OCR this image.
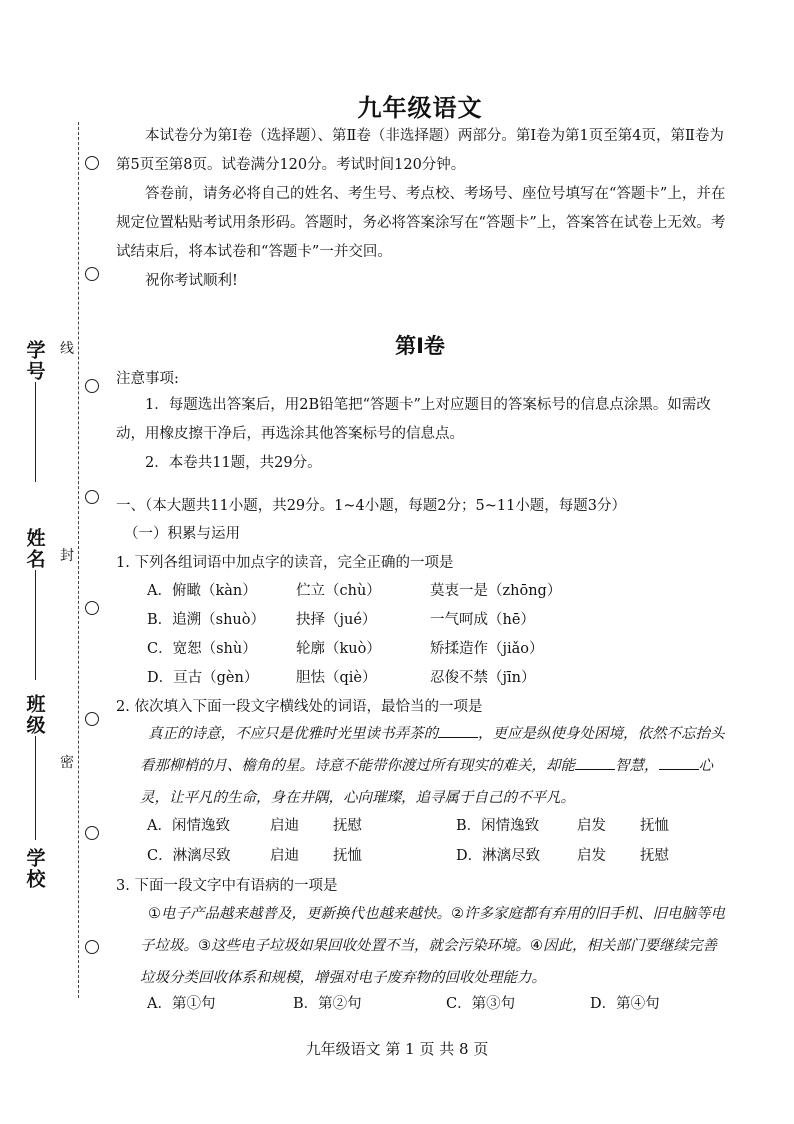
线
封
密
学号
姓名
班级
学校
九年级语文

本试卷分为第Ⅰ卷（选择题）、第Ⅱ卷（非选择题）两部分。第Ⅰ卷为第1页至第4页，第Ⅱ卷为第5页至第8页。试卷满分120分。考试时间120分钟。

答卷前，请务必将自己的姓名、考生号、考点校、考场号、座位号填写在“答题卡”上，并在规定位置粘贴考试用条形码。答题时，务必将答案涂写在“答题卡”上，答案答在试卷上无效。考试结束后，将本试卷和“答题卡”一并交回。

祝你考试顺利!

第Ⅰ卷
注意事项:

1．每题选出答案后，用2B铅笔把“答题卡”上对应题目的答案标号的信息点涂黑。如需改动，用橡皮擦干净后，再选涂其他答案标号的信息点。

2．本卷共11题，共29分。

一、（本大题共11小题，共29分。1~4小题，每题2分；5~11小题，每题3分）
（一）积累与运用
1. 下列各组词语中加点字的读音，完全正确的一项是
A．俯瞰（kàn）	伫立（chù）	莫衷一是（zhōng）
B．追溯（shuò） 抉择（jué）	一气呵成（hē）
C．宽恕（shù）	轮廓（kuò）	矫揉造作（jiǎo）
D．亘古（gèn）	胆怯（qiè）	忍俊不禁（jīn）
2. 依次填入下面一段文字横线处的词语，最恰当的一项是

真正的诗意，不应只是优雅时光里读书弄茶的	，更应是纵使身处困境，依然不忘抬头看那柳梢的月、檐角的星。诗意不能带你渡过所有现实的难关，却能	智慧，	心灵，让平凡的生命，身在井隅，心向璀璨，追寻属于自己的不平凡。

A．闲情逸致	启迪 抚慰	B．闲情逸致	启发 抚恤
C．淋漓尽致	启迪 抚恤	D．淋漓尽致	启发 抚慰
3. 下面一段文字中有语病的一项是

①电子产品越来越普及，更新换代也越来越快。②许多家庭都有弃用的旧手机、旧电脑等电子垃圾。③这些电子垃圾如果回收处置不当，就会污染环境。④因此，相关部门要继续完善垃圾分类回收体系和规模，增强对电子废弃物的回收处理能力。

A．第①句	B．第②句	C．第③句	D．第④句
九年级语文 第 1 页 共 8 页
